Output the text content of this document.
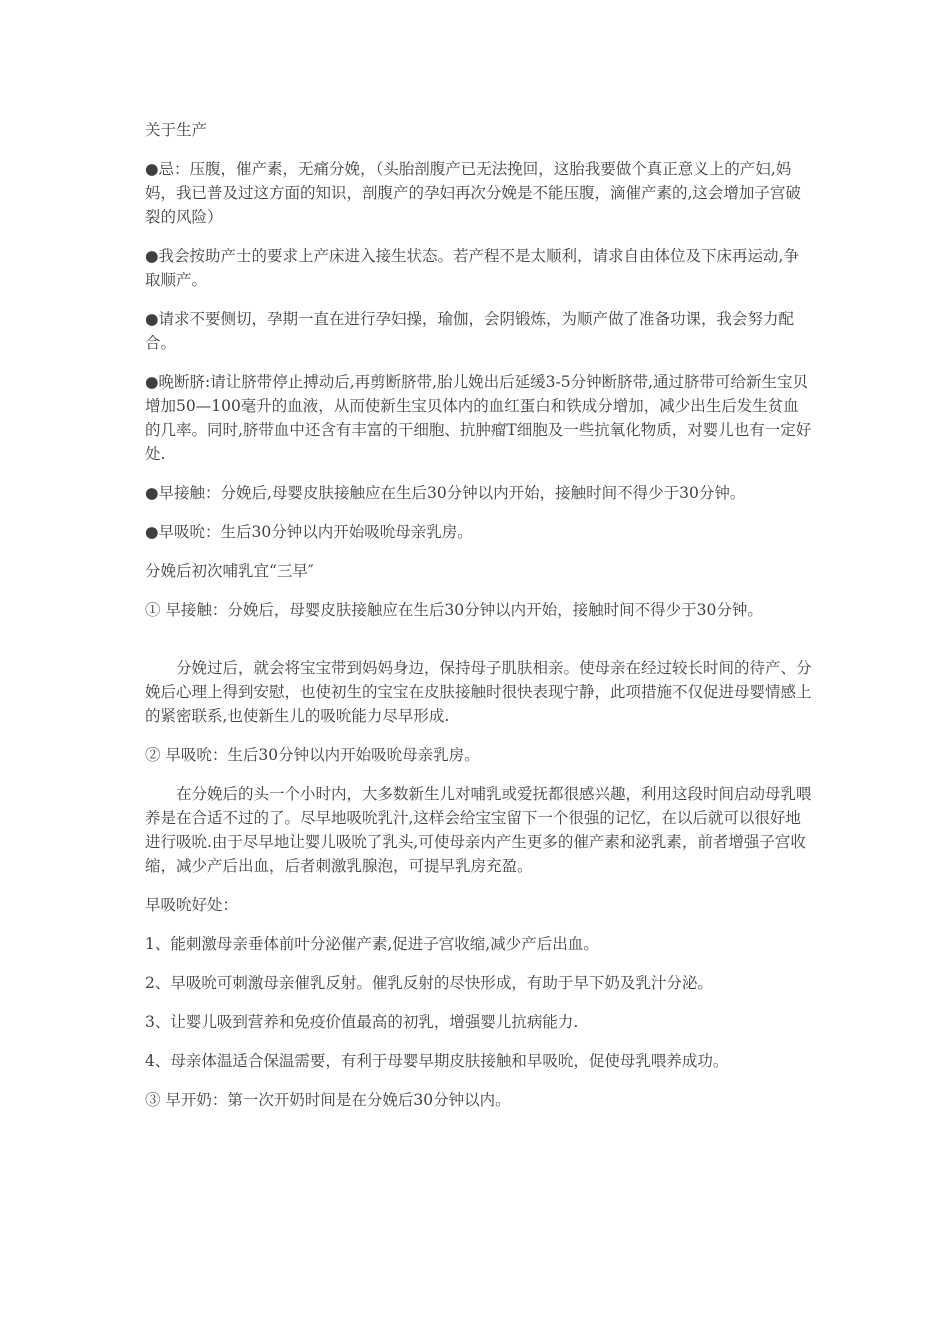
关于生产

●忌：压腹，催产素，无痛分娩，（头胎剖腹产已无法挽回，这胎我要做个真正意义上的产妇,妈妈，我已普及过这方面的知识，剖腹产的孕妇再次分娩是不能压腹，滴催产素的,这会增加子宫破裂的风险）

●我会按助产士的要求上产床进入接生状态。若产程不是太顺利，请求自由体位及下床再运动,争取顺产。

●请求不要侧切，孕期一直在进行孕妇操，瑜伽，会阴锻炼，为顺产做了准备功课，我会努力配合。

●晚断脐:请让脐带停止搏动后,再剪断脐带,胎儿娩出后延缓3-5分钟断脐带,通过脐带可给新生宝贝增加50—100毫升的血液，从而使新生宝贝体内的血红蛋白和铁成分增加，减少出生后发生贫血的几率。同时,脐带血中还含有丰富的干细胞、抗肿瘤T细胞及一些抗氧化物质，对婴儿也有一定好处.

●早接触：分娩后,母婴皮肤接触应在生后30分钟以内开始，接触时间不得少于30分钟。

●早吸吮：生后30分钟以内开始吸吮母亲乳房。

分娩后初次哺乳宜“三早″

① 早接触：分娩后，母婴皮肤接触应在生后30分钟以内开始，接触时间不得少于30分钟。

分娩过后，就会将宝宝带到妈妈身边，保持母子肌肤相亲。使母亲在经过较长时间的待产、分娩后心理上得到安慰，也使初生的宝宝在皮肤接触时很快表现宁静，此项措施不仅促进母婴情感上的紧密联系,也使新生儿的吸吮能力尽早形成.

② 早吸吮：生后30分钟以内开始吸吮母亲乳房。

在分娩后的头一个小时内，大多数新生儿对哺乳或爱抚都很感兴趣，利用这段时间启动母乳喂养是在合适不过的了。尽早地吸吮乳汁,这样会给宝宝留下一个很强的记忆，在以后就可以很好地进行吸吮.由于尽早地让婴儿吸吮了乳头,可使母亲内产生更多的催产素和泌乳素，前者增强子宫收缩，减少产后出血，后者刺激乳腺泡，可提早乳房充盈。

早吸吮好处：

1、能刺激母亲垂体前叶分泌催产素,促进子宫收缩,减少产后出血。

2、早吸吮可刺激母亲催乳反射。催乳反射的尽快形成，有助于早下奶及乳汁分泌。

3、让婴儿吸到营养和免疫价值最高的初乳，增强婴儿抗病能力.

4、母亲体温适合保温需要，有利于母婴早期皮肤接触和早吸吮，促使母乳喂养成功。

③ 早开奶：第一次开奶时间是在分娩后30分钟以内。
